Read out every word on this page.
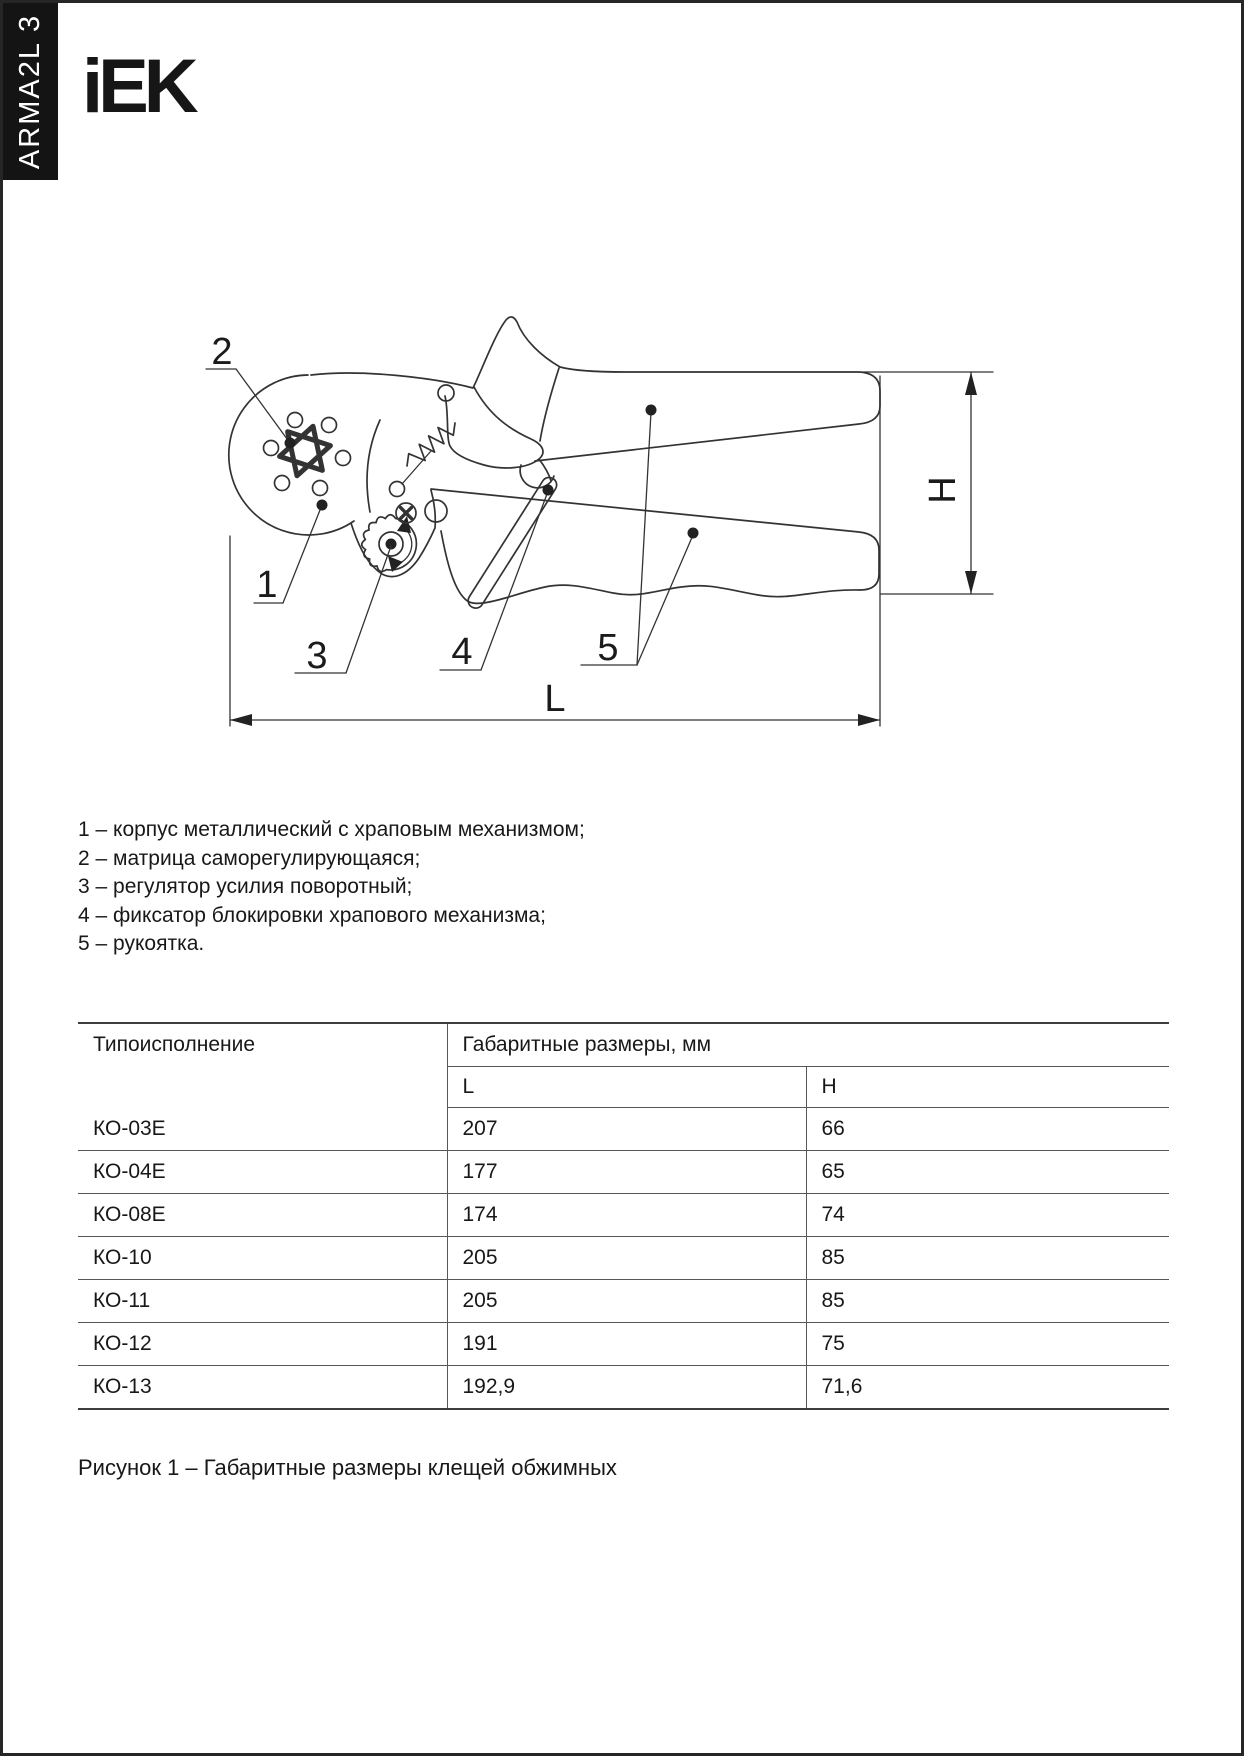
ARMA2L 3 iEK
2
1
3	4	5
L
H
1 – корпус металлический с храповым механизмом;
2 – матрица саморегулирующаяся;
3 – регулятор усилия поворотный;
4 – фиксатор блокировки храпового механизма;
5 – рукоятка.
Типоисполнение	Габаритные размеры, мм	
	L	H
КО-03Е	207	66
КО-04Е	177	65
КО-08Е	174	74
КО-10	205	85
КО-11	205	85
КО-12	191	75
КО-13	192,9	71,6
Рисунок 1 – Габаритные размеры клещей обжимных
